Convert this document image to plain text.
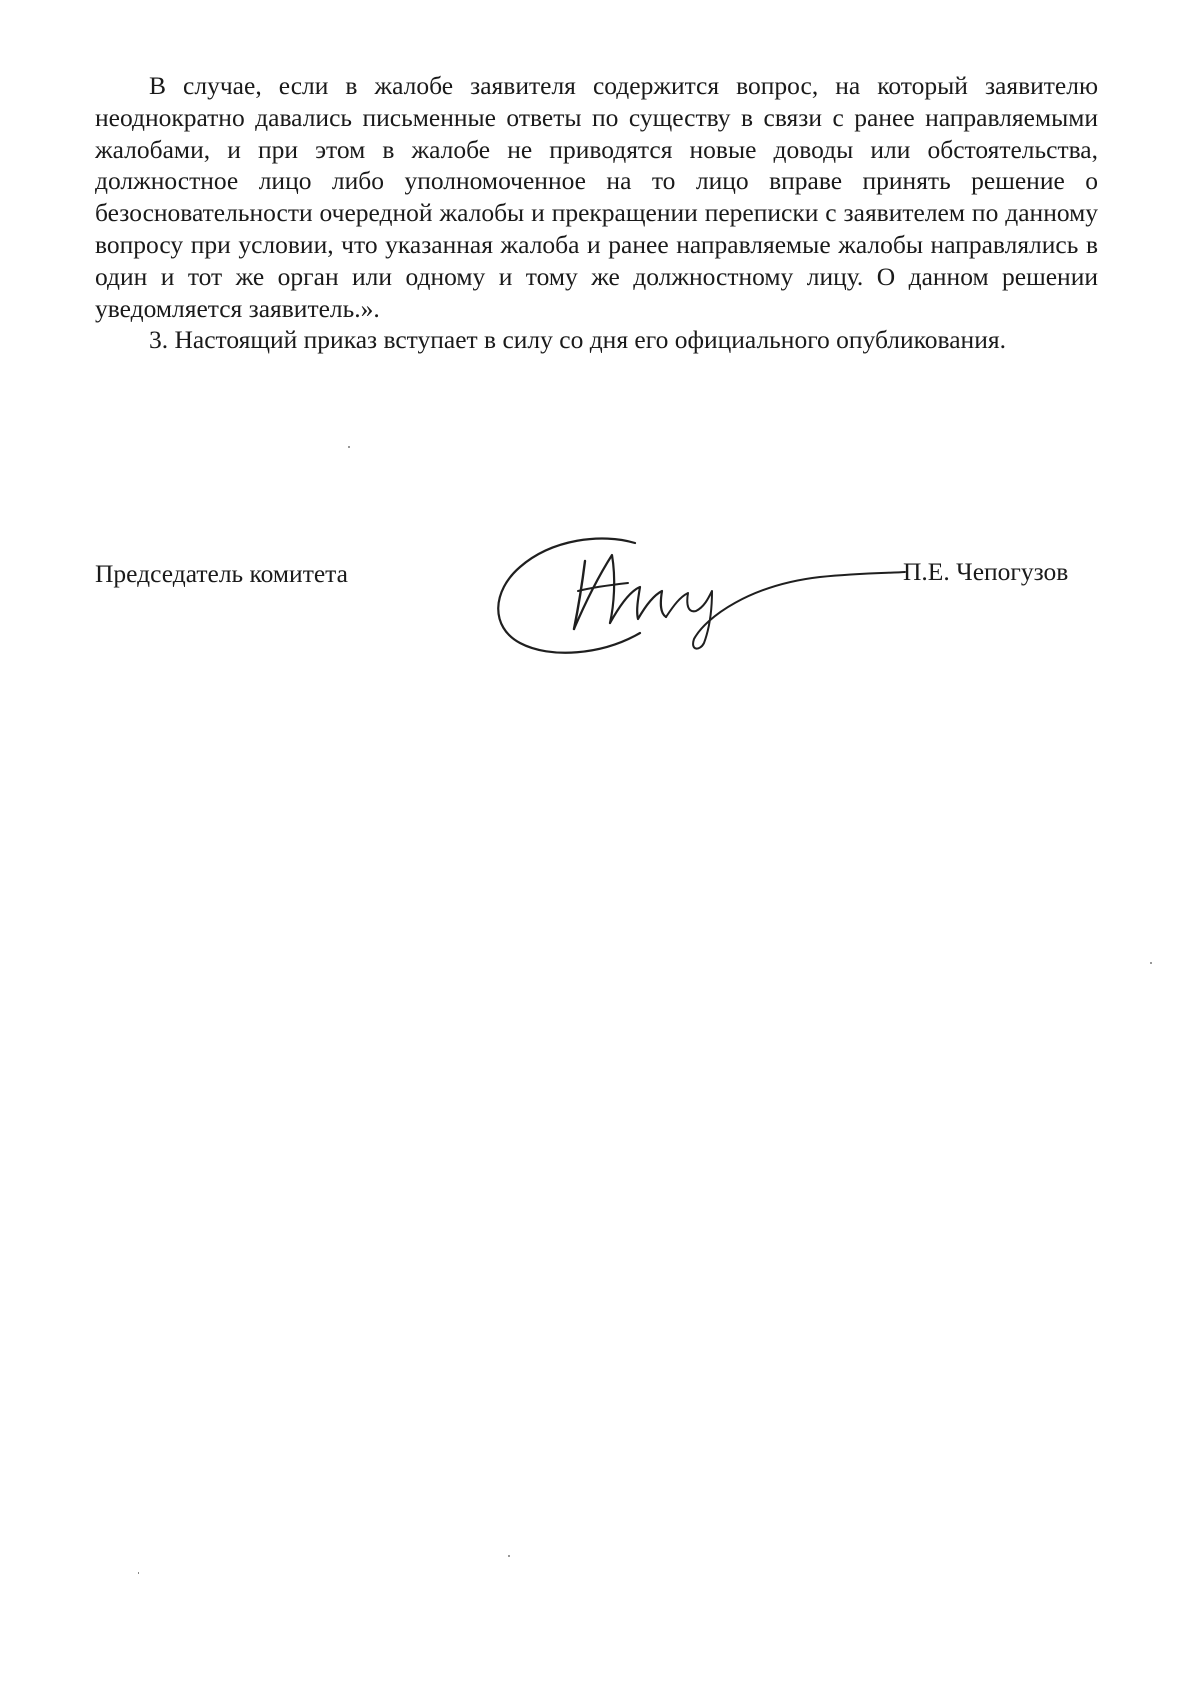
В случае, если в жалобе заявителя содержится вопрос, на который заявителю неоднократно давались письменные ответы по существу в связи с ранее направляемыми жалобами, и при этом в жалобе не приводятся новые доводы или обстоятельства, должностное лицо либо уполномоченное на то лицо вправе принять решение о безосновательности очередной жалобы и прекращении переписки с заявителем по данному вопросу при условии, что указанная жалоба и ранее направляемые жалобы направлялись в один и тот же орган или одному и тому же должностному лицу. О данном решении уведомляется заявитель.».

3. Настоящий приказ вступает в силу со дня его официального опубликования.

Председатель комитета	П.Е. Чепогузов
